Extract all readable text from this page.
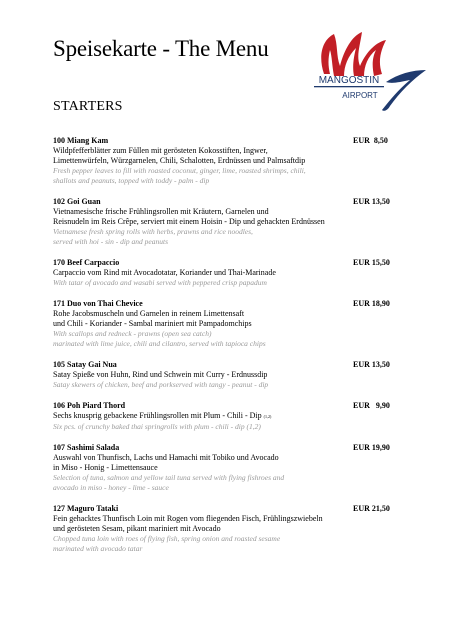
Speisekarte - The Menu
MANGOSTIN
AIRPORT
STARTERS
100 Miang Kam	EUR  8,50
Wildpfefferblätter zum Füllen mit gerösteten Kokosstiften, Ingwer,
Limettenwürfeln, Würzgarnelen, Chili, Schalotten, Erdnüssen und Palmsaftdip
Fresh pepper leaves to fill with roasted coconut, ginger, lime, roasted shrimps, chili,
shallots and peanuts, topped with toddy - palm - dip
102 Goi Guan	EUR 13,50
Vietnamesische frische Frühlingsrollen mit Kräutern, Garnelen und
Reisnudeln im Reis Crêpe, serviert mit einem Hoisin - Dip und gehackten Erdnüssen
Vietnamese fresh spring rolls with herbs, prawns and rice noodles,
served with hoi - sin - dip and peanuts
170 Beef Carpaccio	EUR 15,50
Carpaccio vom Rind mit Avocadotatar, Koriander und Thai-Marinade
With tatar of avocado and wasabi served with peppered crisp papadum
171 Duo von Thai Chevice	EUR 18,90
Rohe Jacobsmuscheln und Garnelen in reinem Limettensaft
und Chili - Koriander - Sambal mariniert mit Pampadomchips
With scallops and redneck - prawns (open sea catch)
marinated with lime juice, chili and cilantro, served with tapioca chips
105 Satay Gai Nua	EUR 13,50
Satay Spieße von Huhn, Rind und Schwein mit Curry - Erdnussdip
Satay skewers of chicken, beef and porkserved with tangy - peanut - dip
106 Poh Piard Thord	EUR   9,90
Sechs knusprig gebackene Frühlingsrollen mit Plum - Chili - Dip (1,2)
Six pcs. of crunchy baked thai springrolls with plum - chili - dip (1,2)
107 Sashimi Salada	EUR 19,90
Auswahl von Thunfisch, Lachs und Hamachi mit Tobiko und Avocado
in Miso - Honig - Limettensauce
Selection of tuna, salmon and yellow tail tuna served with flying fishroes and
avocado in miso - honey - lime - sauce
127 Maguro Tataki	EUR 21,50
Fein gehacktes Thunfisch Loin mit Rogen vom fliegenden Fisch, Frühlingszwiebeln
und gerösteten Sesam, pikant mariniert mit Avocado
Chopped tuna loin with roes of flying fish, spring onion and roasted sesame
marinated with avocado tatar
